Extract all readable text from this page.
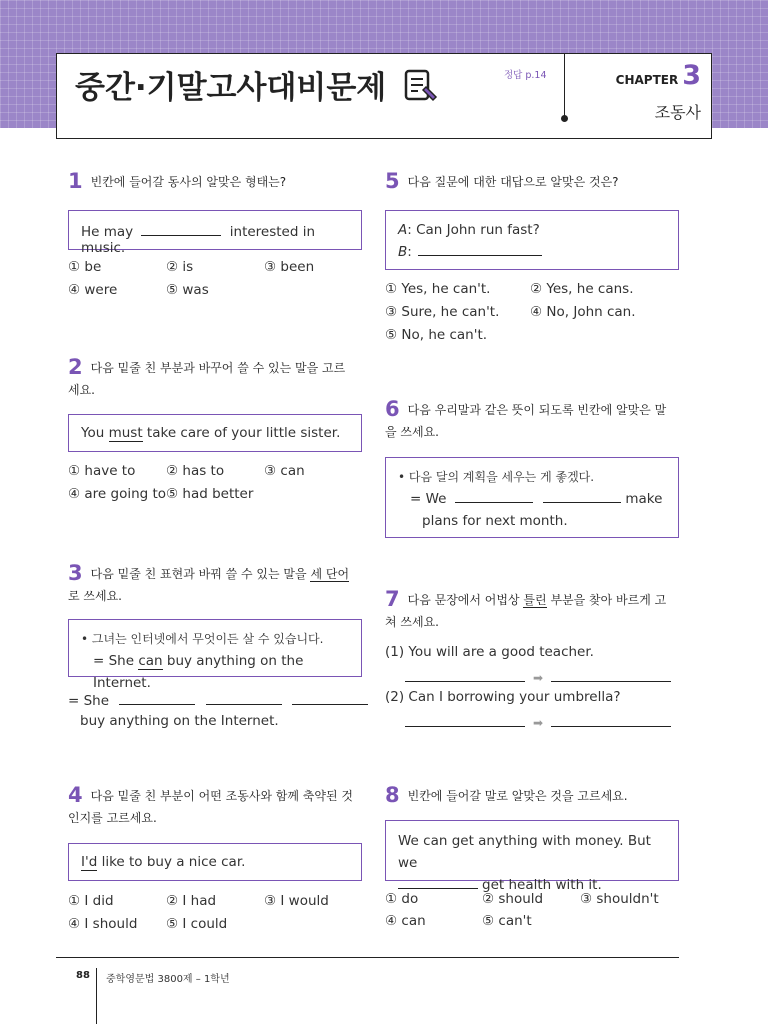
중간·기말고사대비문제	정답 p.14	CHAPTER 3
조동사
1 빈칸에 들어갈 동사의 알맞은 형태는?
He may	interested in music.
① be	② is	③ been
④ were	⑤ was
2 다음 밑줄 친 부분과 바꾸어 쓸 수 있는 말을 고르
세요.
You must take care of your little sister.
① have to ② has to	③ can
④ are going to ⑤ had better
3 다음 밑줄 친 표현과 바꿔 쓸 수 있는 말을 세 단어
로 쓰세요.
• 그녀는 인터넷에서 무엇이든 살 수 있습니다.
= She can buy anything on the Internet.
= She
buy anything on the Internet.
4 다음 밑줄 친 부분이 어떤 조동사와 함께 축약된 것
인지를 고르세요.
I'd like to buy a nice car.
① I did	② I had	③ I would
④ I should ⑤ I could
5 다음 질문에 대한 대답으로 알맞은 것은?
A: Can John run fast?
B:
① Yes, he can't.	② Yes, he cans.
③ Sure, he can't. ④ No, John can.
⑤ No, he can't.
6 다음 우리말과 같은 뜻이 되도록 빈칸에 알맞은 말
을 쓰세요.
• 다음 달의 계획을 세우는 게 좋겠다.
= We	make
plans for next month.
7 다음 문장에서 어법상 틀린 부분을 찾아 바르게 고
쳐 쓰세요.
(1) You will are a good teacher.
➡
(2) Can I borrowing your umbrella?
➡
8 빈칸에 들어갈 말로 알맞은 것을 고르세요.
We can get anything with money. But we
get health with it.
① do	② should	③ shouldn't
④ can	⑤ can't
88 중학영문법 3800제 – 1학년
